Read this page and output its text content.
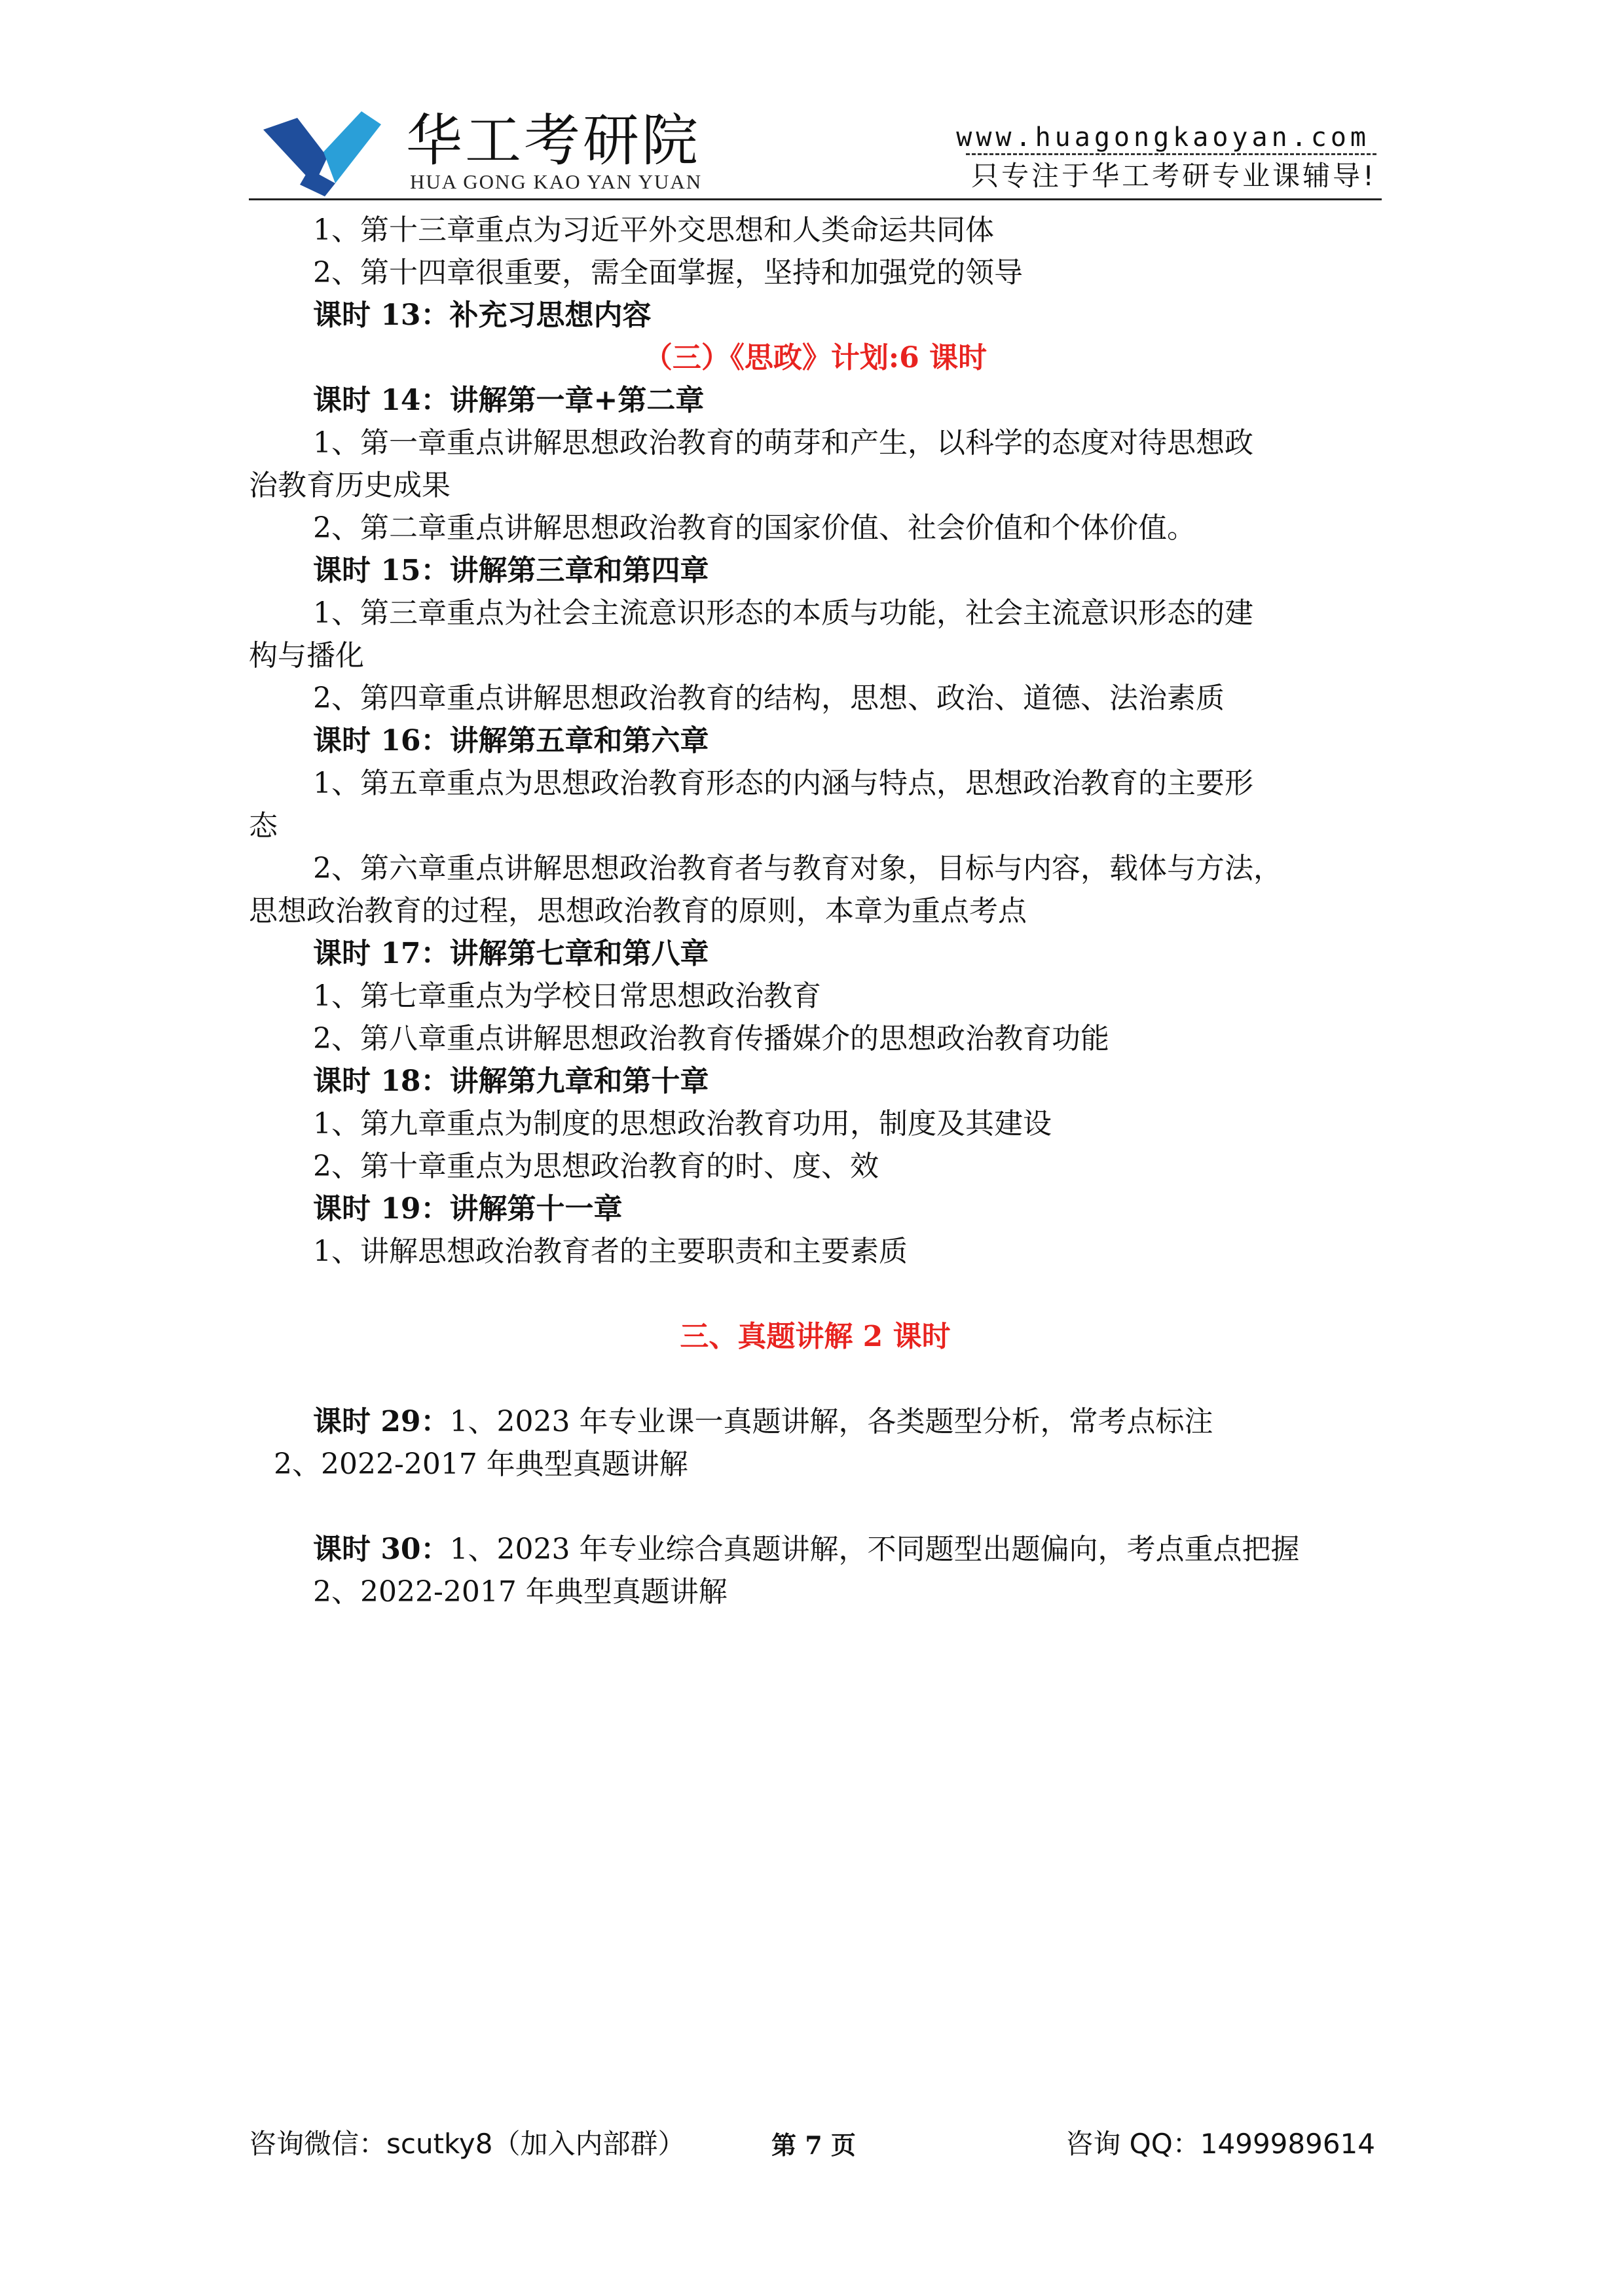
华工考研院
HUA GONG KAO YAN YUAN
www.huagongkaoyan.com
只专注于华工考研专业课辅导!
1、第十三章重点为习近平外交思想和人类命运共同体
2、第十四章很重要，需全面掌握，坚持和加强党的领导
课时 13：补充习思想内容
（三）《思政》计划:6 课时
课时 14：讲解第一章+第二章
1、第一章重点讲解思想政治教育的萌芽和产生，以科学的态度对待思想政
治教育历史成果
2、第二章重点讲解思想政治教育的国家价值、社会价值和个体价值。
课时 15：讲解第三章和第四章
1、第三章重点为社会主流意识形态的本质与功能，社会主流意识形态的建
构与播化
2、第四章重点讲解思想政治教育的结构，思想、政治、道德、法治素质
课时 16：讲解第五章和第六章
1、第五章重点为思想政治教育形态的内涵与特点，思想政治教育的主要形
态
2、第六章重点讲解思想政治教育者与教育对象，目标与内容，载体与方法，
思想政治教育的过程，思想政治教育的原则，本章为重点考点
课时 17：讲解第七章和第八章
1、第七章重点为学校日常思想政治教育
2、第八章重点讲解思想政治教育传播媒介的思想政治教育功能
课时 18：讲解第九章和第十章
1、第九章重点为制度的思想政治教育功用，制度及其建设
2、第十章重点为思想政治教育的时、度、效
课时 19：讲解第十一章
1、讲解思想政治教育者的主要职责和主要素质
三、真题讲解 2 课时
课时 29：1、2023 年专业课一真题讲解，各类题型分析，常考点标注
2、2022-2017 年典型真题讲解
课时 30：1、2023 年专业综合真题讲解，不同题型出题偏向，考点重点把握
2、2022-2017 年典型真题讲解
咨询微信：scutky8（加入内部群）	第 7 页	咨询 QQ：1499989614
